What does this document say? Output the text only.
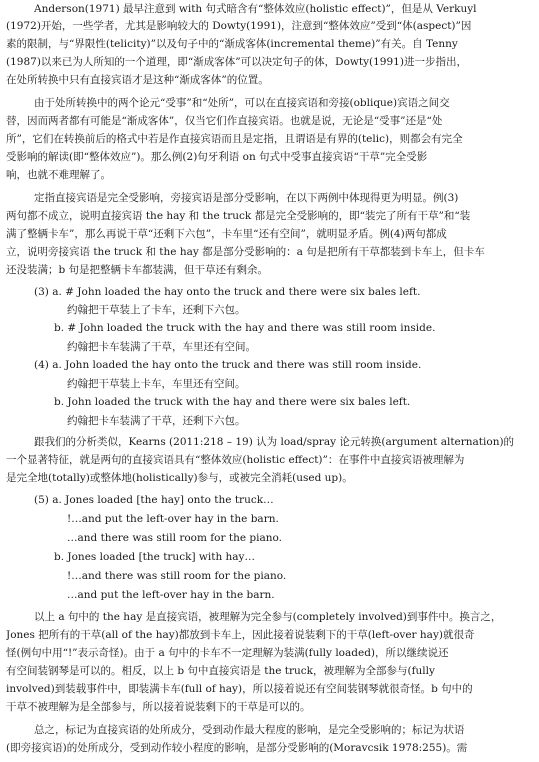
Anderson(1971) 最早注意到 with 句式暗含有“整体效应(holistic effect)”，但是从 Verkuyl
(1972)开始，一些学者，尤其是影响较大的 Dowty(1991)，注意到“整体效应”受到“体(aspect)”因
素的限制，与“界限性(telicity)”以及句子中的“渐成客体(incremental theme)”有关。自 Tenny
(1987)以来已为人所知的一个道理，即“渐成客体”可以决定句子的体，Dowty(1991)进一步指出，
在处所转换中只有直接宾语才是这种“渐成客体”的位置。
由于处所转换中的两个论元“受事”和“处所”，可以在直接宾语和旁接(oblique)宾语之间交
替，因而两者都有可能是“渐成客体”，仅当它们作直接宾语。也就是说，无论是“受事”还是“处
所”，它们在转换前后的格式中若是作直接宾语而且是定指，且谓语是有界的(telic)，则都会有完全
受影响的解读(即“整体效应”)。那么例(2)句牙利语 on 句式中受事直接宾语“干草”完全受影
响，也就不难理解了。
定指直接宾语是完全受影响，旁接宾语是部分受影响，在以下两例中体现得更为明显。例(3)
两句都不成立，说明直接宾语 the hay 和 the truck 都是完全受影响的，即“装完了所有干草”和“装
满了整辆卡车”，那么再说干草“还剩下六包”，卡车里“还有空间”，就明显矛盾。例(4)两句都成
立，说明旁接宾语 the truck 和 the hay 都是部分受影响的：a 句是把所有干草都装到卡车上，但卡车
还没装满；b 句是把整辆卡车都装满，但干草还有剩余。
(3) a. # John loaded the hay onto the truck and there were six bales left.
约翰把干草装上了卡车，还剩下六包。
b. # John loaded the truck with the hay and there was still room inside.
约翰把卡车装满了干草，车里还有空间。
(4) a. John loaded the hay onto the truck and there was still room inside.
约翰把干草装上卡车，车里还有空间。
b. John loaded the truck with the hay and there were six bales left.
约翰把卡车装满了干草，还剩下六包。
跟我们的分析类似，Kearns (2011:218 – 19) 认为 load/spray 论元转换(argument alternation)的
一个显著特征，就是两句的直接宾语具有“整体效应(holistic effect)”：在事件中直接宾语被理解为
是完全地(totally)或整体地(holistically)参与，或被完全消耗(used up)。
(5) a. Jones loaded [the hay] onto the truck…
!…and put the left-over hay in the barn.
…and there was still room for the piano.
b. Jones loaded [the truck] with hay…
!…and there was still room for the piano.
…and put the left-over hay in the barn.
以上 a 句中的 the hay 是直接宾语，被理解为完全参与(completely involved)到事件中。换言之，
Jones 把所有的干草(all of the hay)都放到卡车上，因此接着说装剩下的干草(left-over hay)就很奇
怪(例句中用“!”表示奇怪)。由于 a 句中的卡车不一定理解为装满(fully loaded)，所以继续说还
有空间装钢琴是可以的。相反，以上 b 句中直接宾语是 the truck，被理解为全部参与(fully
involved)到装载事件中，即装满卡车(full of hay)，所以接着说还有空间装钢琴就很奇怪。b 句中的
干草不被理解为是全部参与，所以接着说装剩下的干草是可以的。
总之，标记为直接宾语的处所成分，受到动作最大程度的影响，是完全受影响的；标记为状语
(即旁接宾语)的处所成分，受到动作较小程度的影响，是部分受影响的(Moravcsik 1978:255)。需
